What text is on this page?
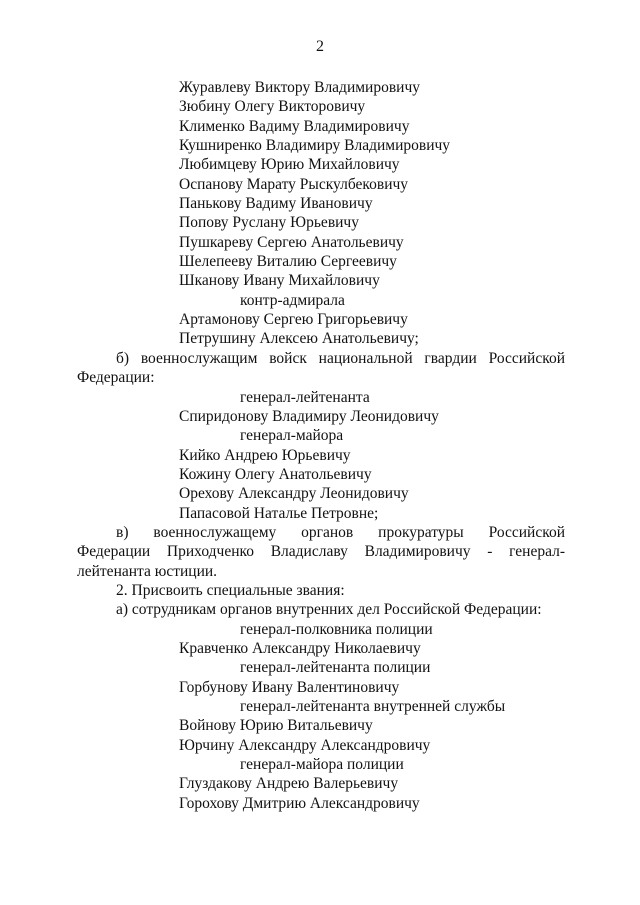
2
Журавлеву Виктору Владимировичу
Зюбину Олегу Викторовичу
Клименко Вадиму Владимировичу
Кушниренко Владимиру Владимировичу
Любимцеву Юрию Михайловичу
Оспанову Марату Рыскулбековичу
Панькову Вадиму Ивановичу
Попову Руслану Юрьевичу
Пушкареву Сергею Анатольевичу
Шелепееву Виталию Сергеевичу
Шканову Ивану Михайловичу
контр-адмирала
Артамонову Сергею Григорьевичу
Петрушину Алексею Анатольевичу;
б) военнослужащим войск национальной гвардии Российской
Федерации:
генерал-лейтенанта
Спиридонову Владимиру Леонидовичу
генерал-майора
Кийко Андрею Юрьевичу
Кожину Олегу Анатольевичу
Орехову Александру Леонидовичу
Папасовой Наталье Петровне;
в) военнослужащему органов прокуратуры Российской
Федерации Приходченко Владиславу Владимировичу - генерал-
лейтенанта юстиции.
2. Присвоить специальные звания:
а) сотрудникам органов внутренних дел Российской Федерации:
генерал-полковника полиции
Кравченко Александру Николаевичу
генерал-лейтенанта полиции
Горбунову Ивану Валентиновичу
генерал-лейтенанта внутренней службы
Войнову Юрию Витальевичу
Юрчину Александру Александровичу
генерал-майора полиции
Глуздакову Андрею Валерьевичу
Горохову Дмитрию Александровичу
